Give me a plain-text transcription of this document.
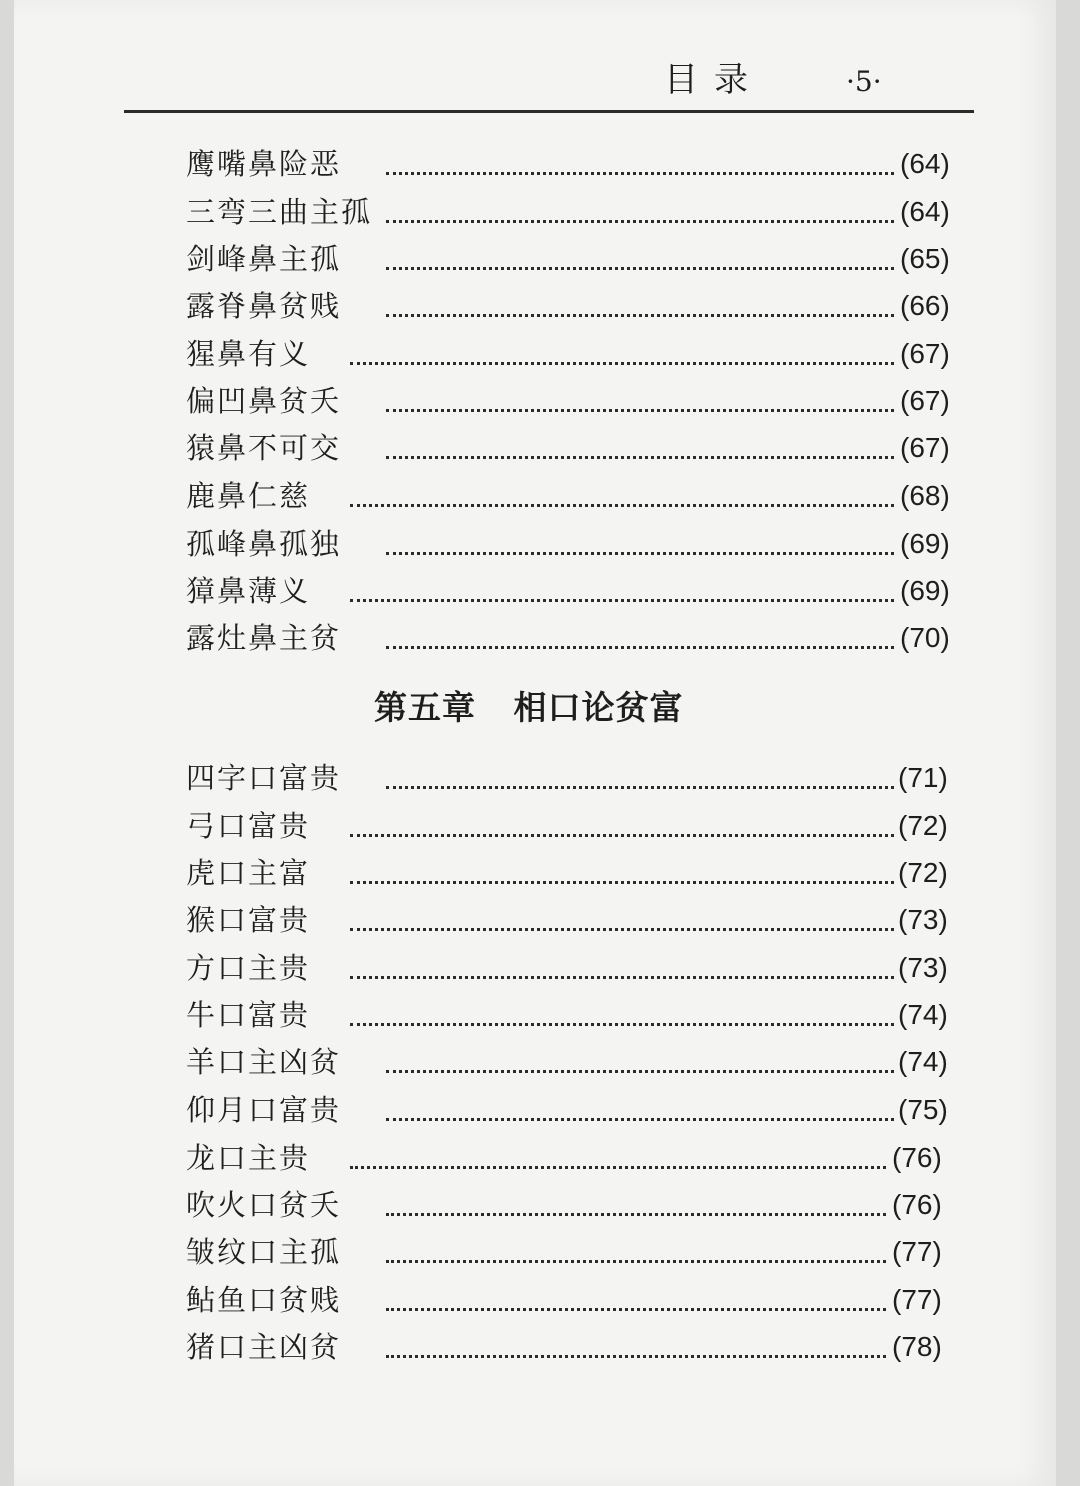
目录	·5·
鹰嘴鼻险恶	(64)
三弯三曲主孤	(64)
剑峰鼻主孤	(65)
露脊鼻贫贱	(66)
猩鼻有义	(67)
偏凹鼻贫夭	(67)
猿鼻不可交	(67)
鹿鼻仁慈	(68)
孤峰鼻孤独	(69)
獐鼻薄义	(69)
露灶鼻主贫	(70)
第五章   相口论贫富
四字口富贵	(71)
弓口富贵	(72)
虎口主富	(72)
猴口富贵	(73)
方口主贵	(73)
牛口富贵	(74)
羊口主凶贫	(74)
仰月口富贵	(75)
龙口主贵	(76)
吹火口贫夭	(76)
皱纹口主孤	(77)
鲇鱼口贫贱	(77)
猪口主凶贫	(78)
